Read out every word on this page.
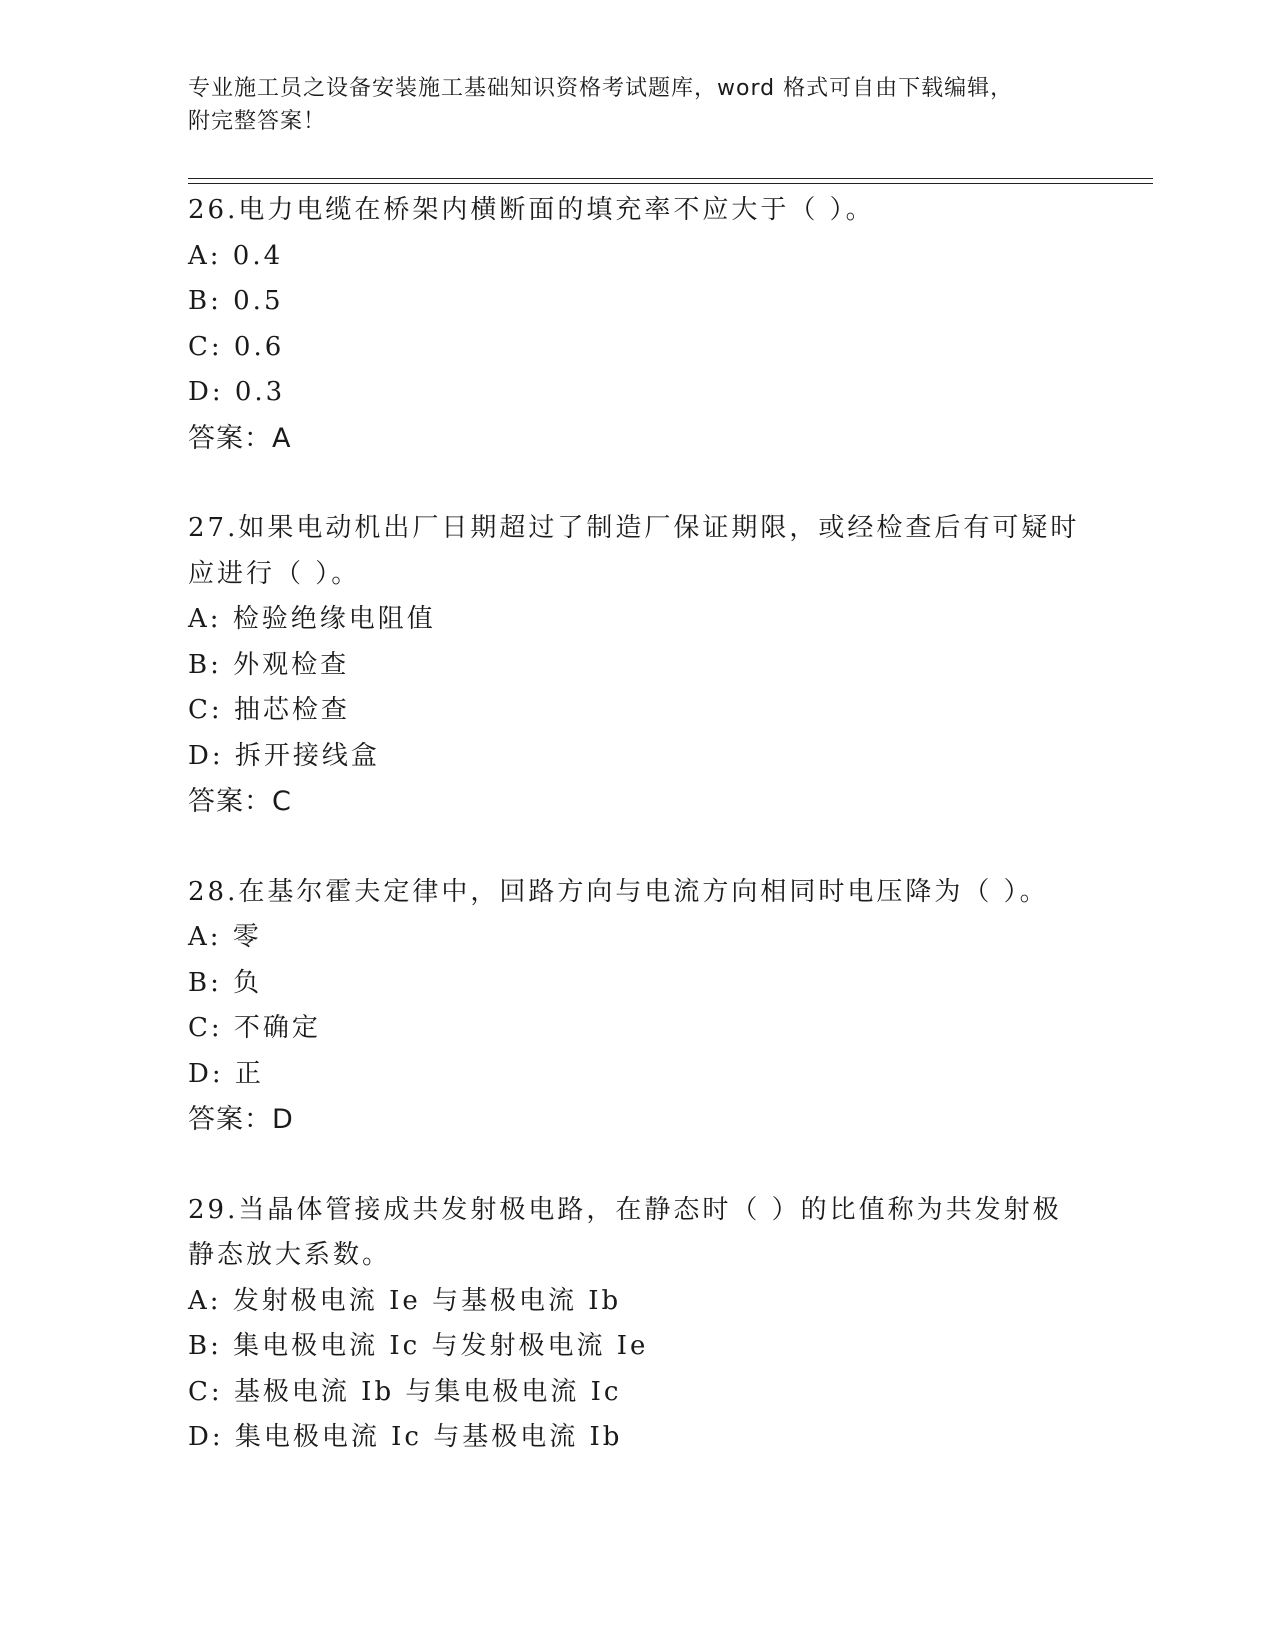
专业施工员之设备安装施工基础知识资格考试题库，word 格式可自由下载编辑，
附完整答案！
26.电力电缆在桥架内横断面的填充率不应大于（ ）。
A: 0.4
B: 0.5
C: 0.6
D: 0.3
答案：A
27.如果电动机出厂日期超过了制造厂保证期限，或经检查后有可疑时
应进行（ ）。
A: 检验绝缘电阻值
B: 外观检查
C: 抽芯检查
D: 拆开接线盒
答案：C
28.在基尔霍夫定律中，回路方向与电流方向相同时电压降为（ ）。
A: 零
B: 负
C: 不确定
D: 正
答案：D
29.当晶体管接成共发射极电路，在静态时（ ）的比值称为共发射极
静态放大系数。
A: 发射极电流 Ie 与基极电流 Ib
B: 集电极电流 Ic 与发射极电流 Ie
C: 基极电流 Ib 与集电极电流 Ic
D: 集电极电流 Ic 与基极电流 Ib
